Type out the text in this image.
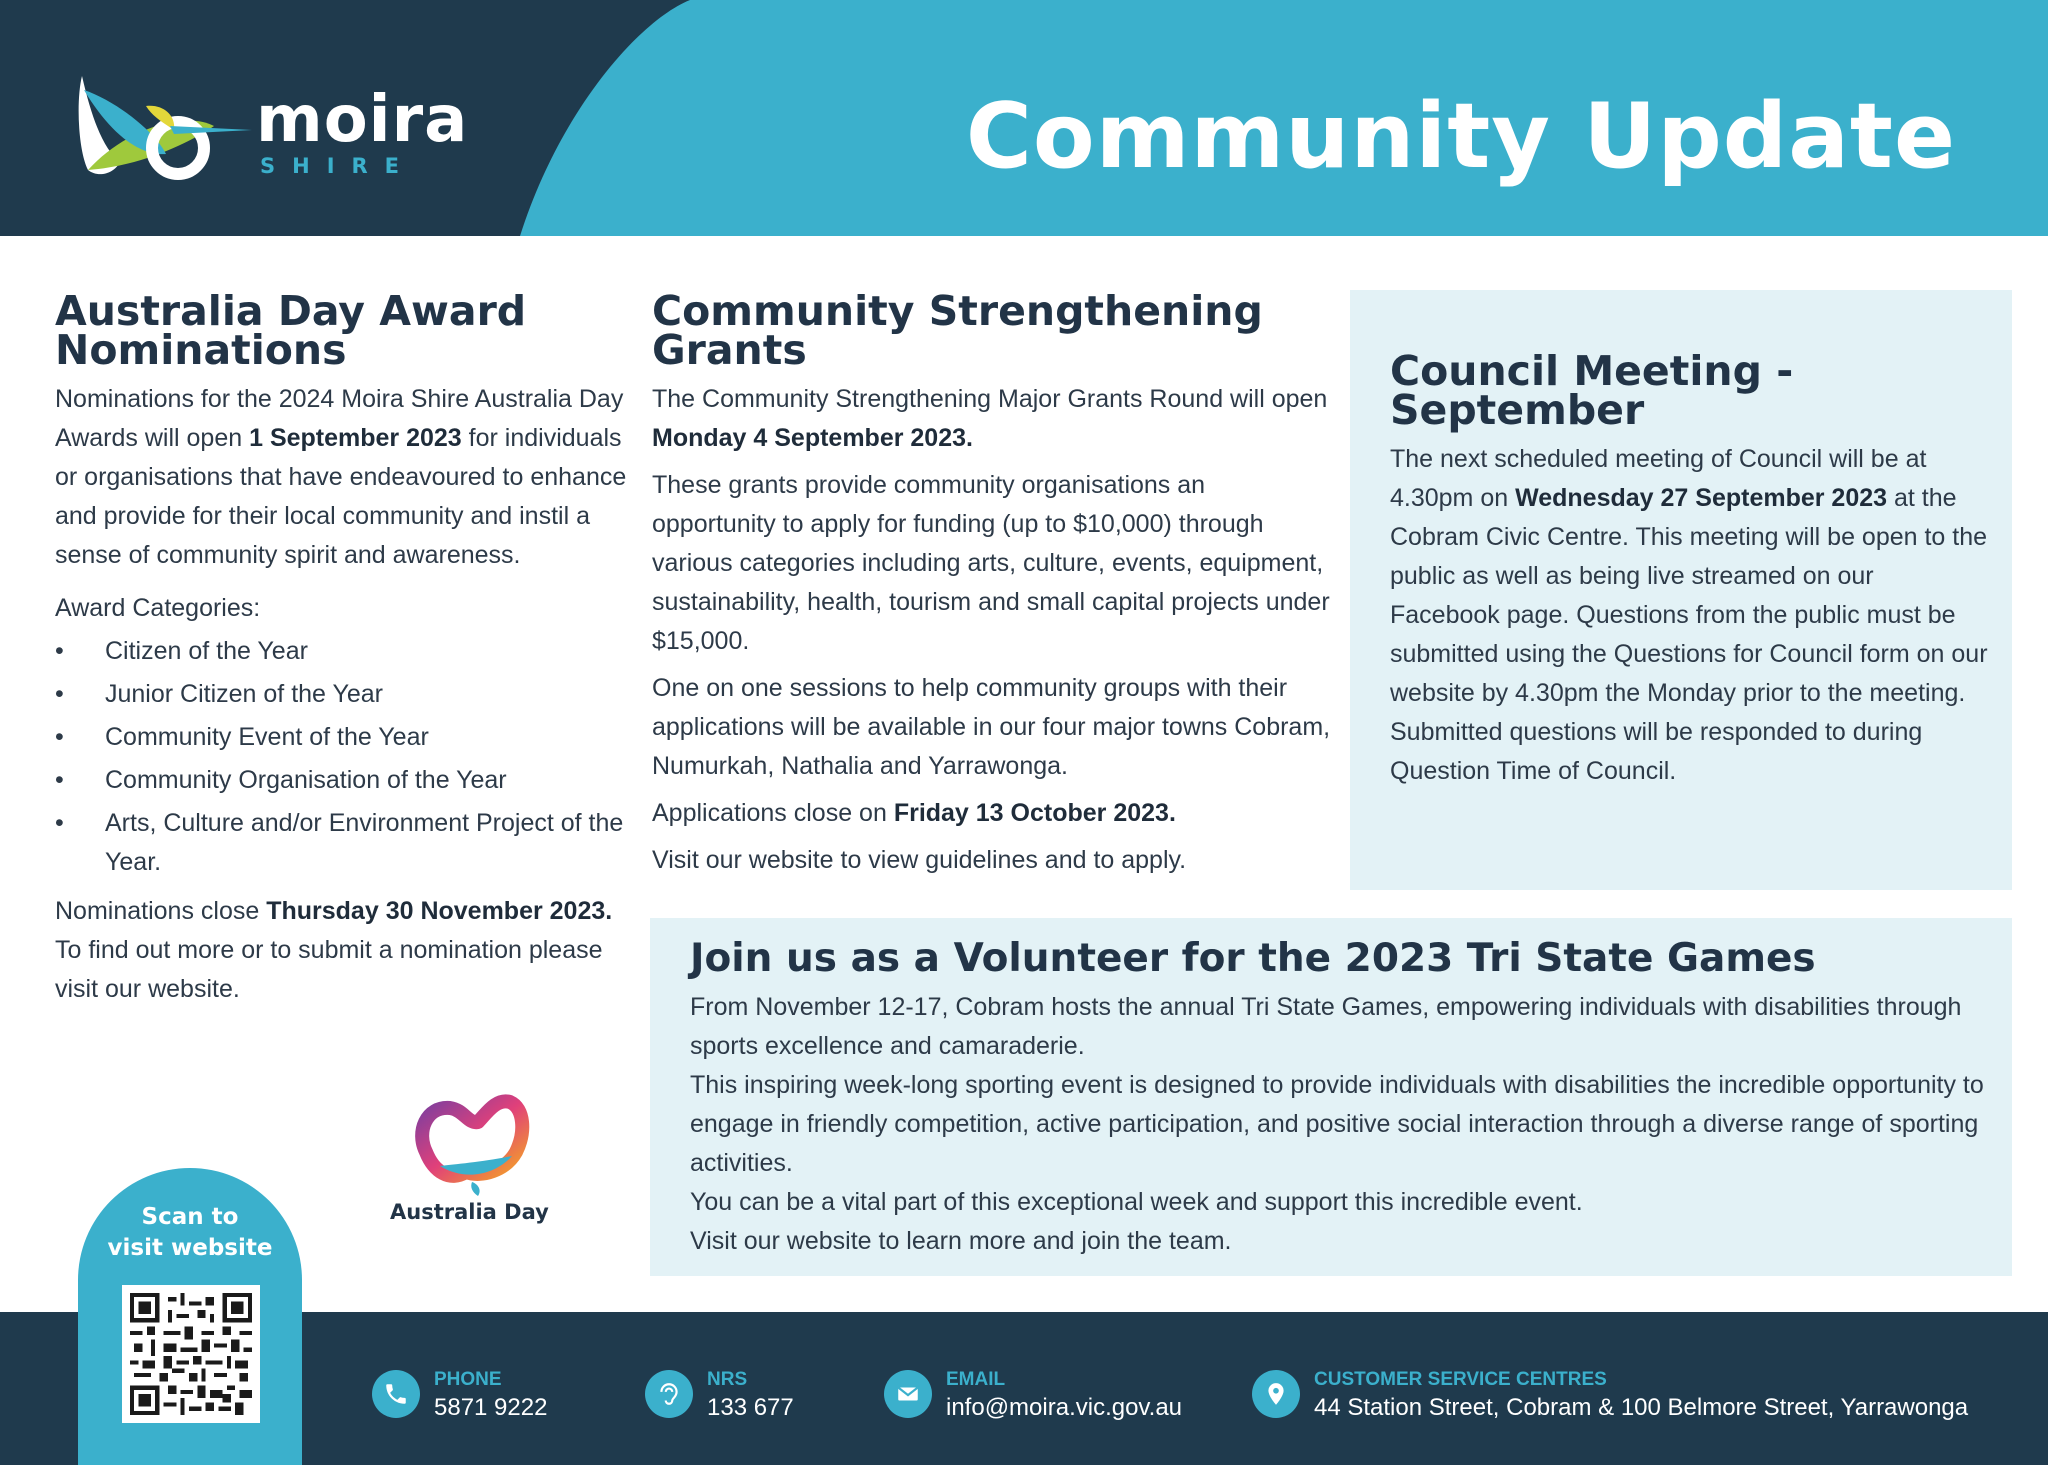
moira
SHIRE	Community Update
Australia Day Award
Nominations

Nominations for the 2024 Moira Shire Australia Day Awards will open 1 September 2023 for individuals or organisations that have endeavoured to enhance and provide for their local community and instil a sense of community spirit and awareness.

Award Categories:

• Citizen of the Year
• Junior Citizen of the Year
• Community Event of the Year
• Community Organisation of the Year
• Arts, Culture and/or Environment Project of the Year.

Nominations close Thursday 30 November 2023. To find out more or to submit a nomination please visit our website.

Australia Day
Community Strengthening
Grants

The Community Strengthening Major Grants Round will open Monday 4 September 2023.

These grants provide community organisations an opportunity to apply for funding (up to $10,000) through various categories including arts, culture, events, equipment, sustainability, health, tourism and small capital projects under $15,000.

One on one sessions to help community groups with their applications will be available in our four major towns Cobram, Numurkah, Nathalia and Yarrawonga.

Applications close on Friday 13 October 2023.

Visit our website to view guidelines and to apply.

Council Meeting -
September

The next scheduled meeting of Council will be at 4.30pm on Wednesday 27 September 2023 at the Cobram Civic Centre. This meeting will be open to the public as well as being live streamed on our Facebook page. Questions from the public must be submitted using the Questions for Council form on our website by 4.30pm the Monday prior to the meeting. Submitted questions will be responded to during Question Time of Council.

Join us as a Volunteer for the 2023 Tri State Games

From November 12-17, Cobram hosts the annual Tri State Games, empowering individuals with disabilities through sports excellence and camaraderie.

This inspiring week-long sporting event is designed to provide individuals with disabilities the incredible opportunity to engage in friendly competition, active participation, and positive social interaction through a diverse range of sporting activities.

You can be a vital part of this exceptional week and support this incredible event.

Visit our website to learn more and join the team.

PHONE
5871 9222
NRS
133 677
EMAIL
info@moira.vic.gov.au
CUSTOMER SERVICE CENTRES
44 Station Street, Cobram & 100 Belmore Street, Yarrawonga
Scan to
visit website
